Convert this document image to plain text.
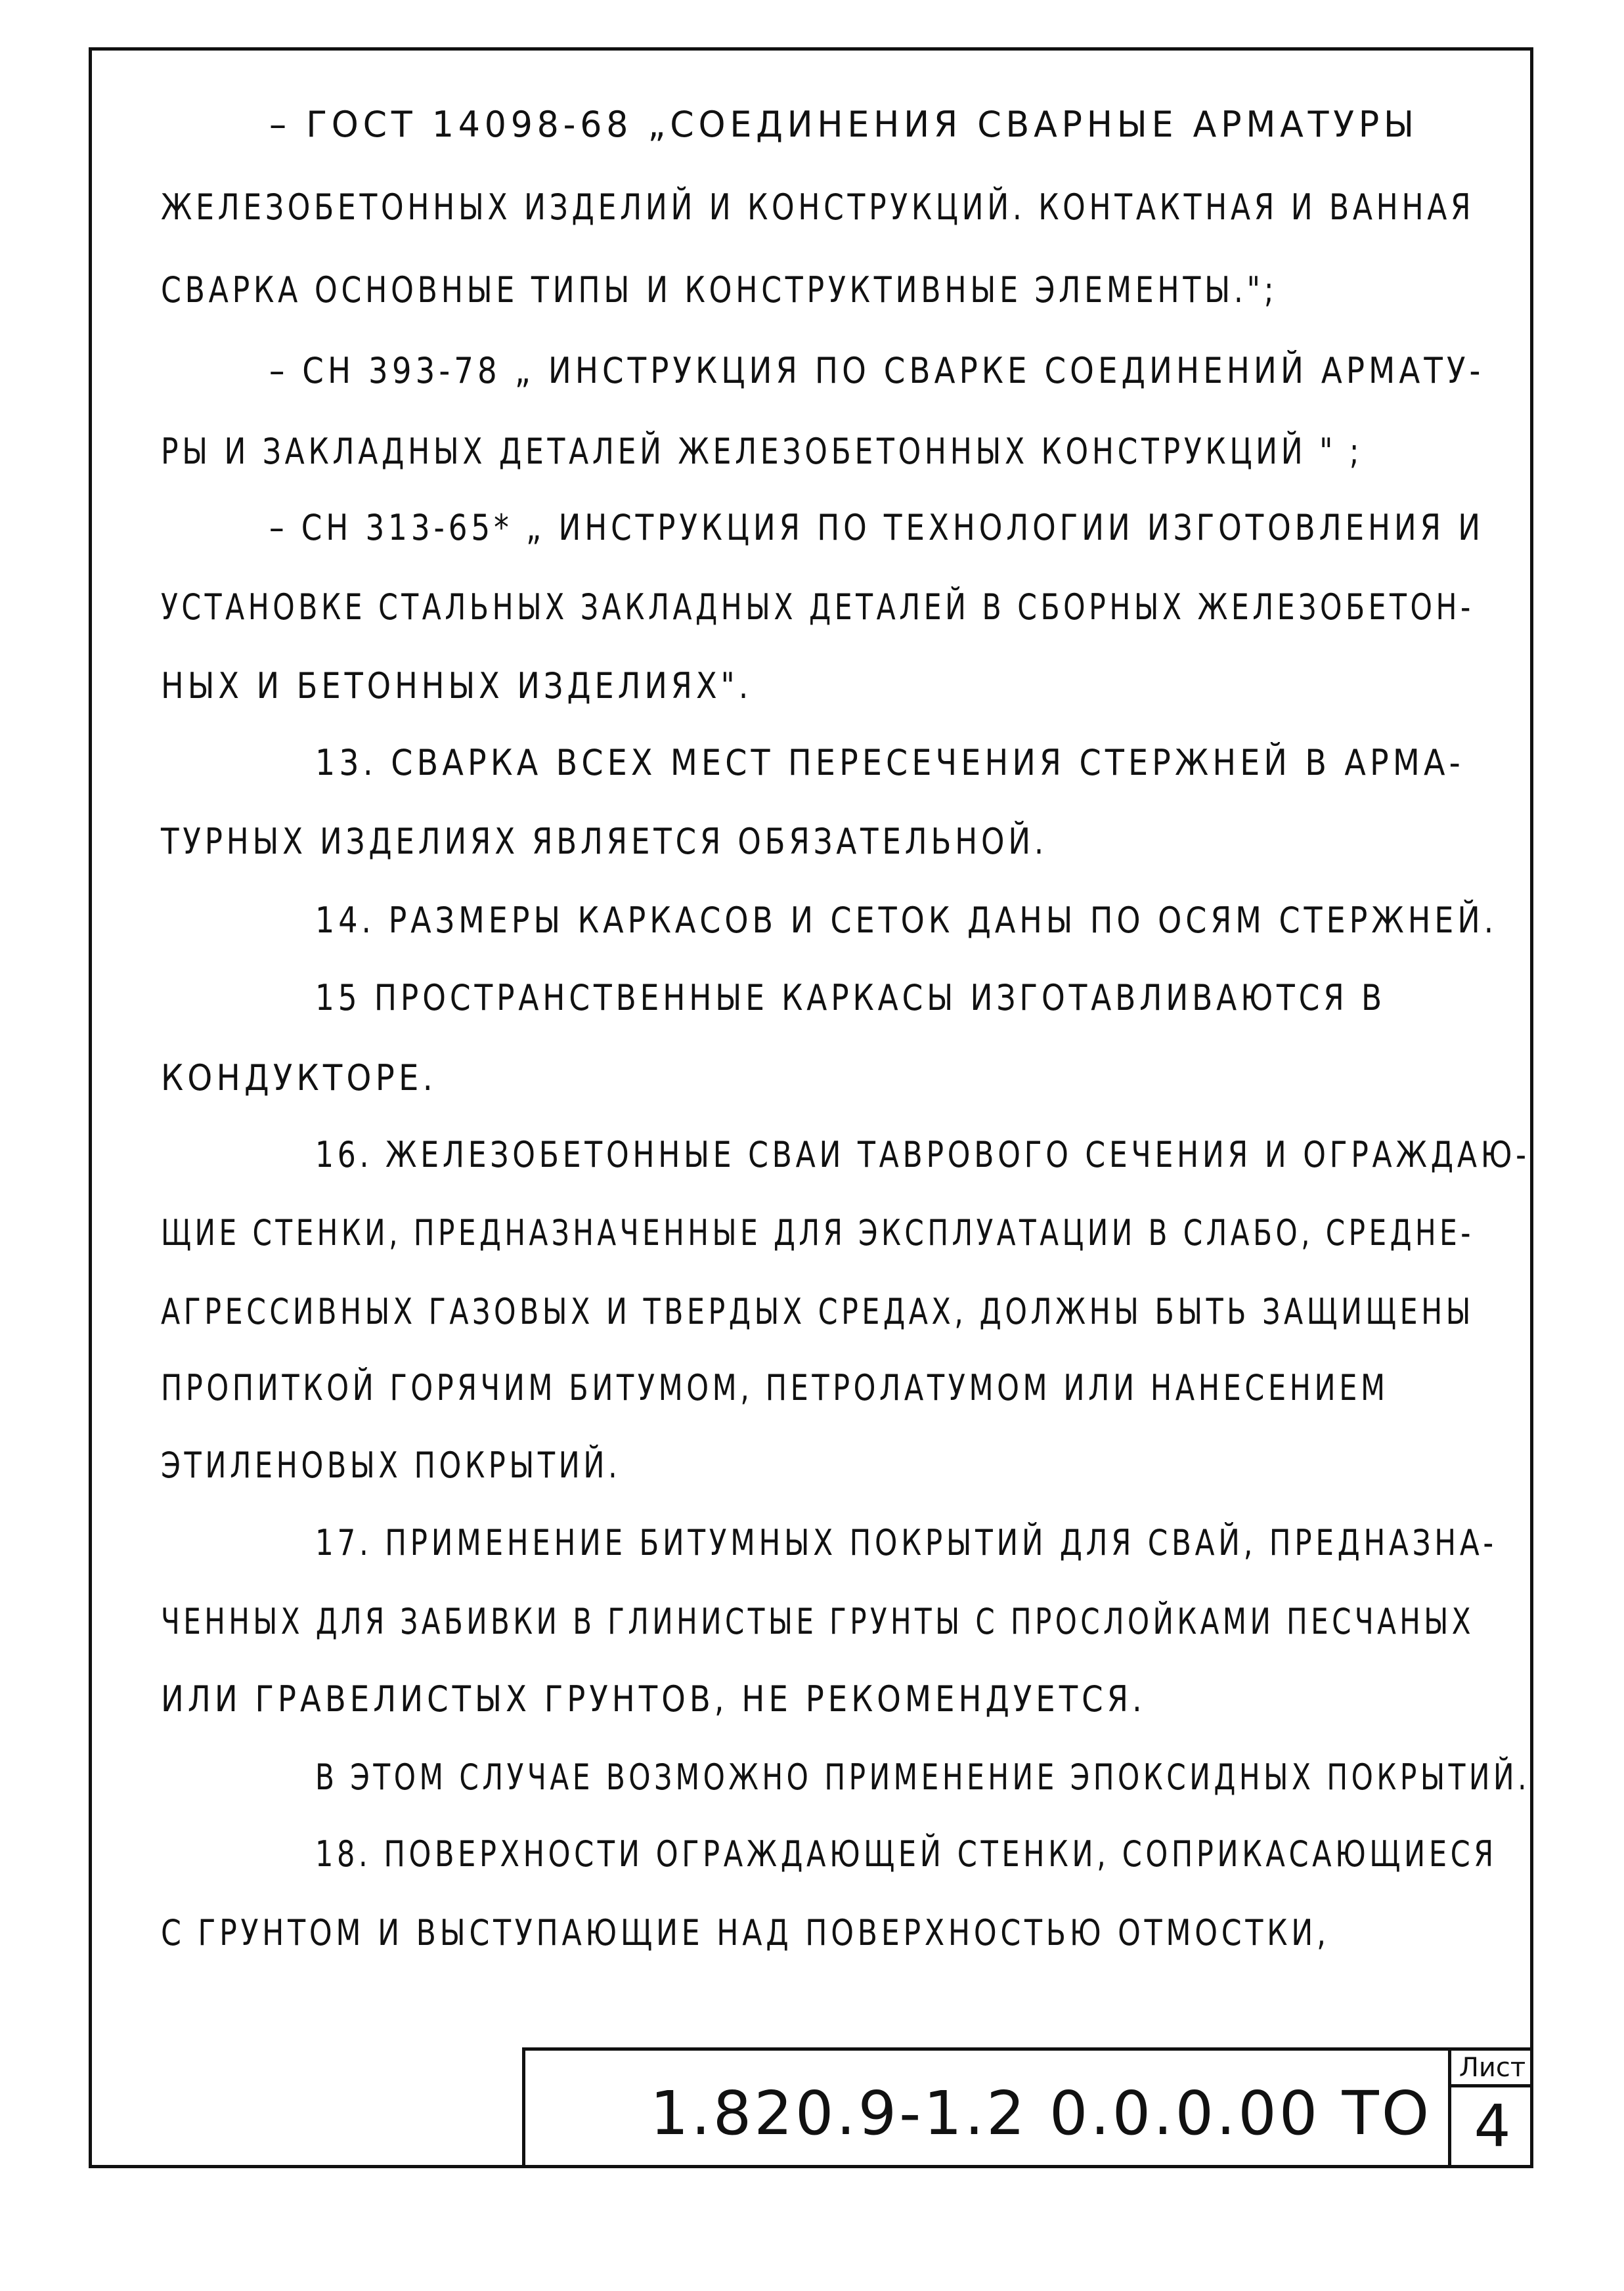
– ГОСТ 14098-68 „СОЕДИНЕНИЯ СВАРНЫЕ АРМАТУРЫ
ЖЕЛЕЗОБЕТОННЫХ ИЗДЕЛИЙ И КОНСТРУКЦИЙ. КОНТАКТНАЯ И ВАННАЯ
СВАРКА ОСНОВНЫЕ ТИПЫ И КОНСТРУКТИВНЫЕ ЭЛЕМЕНТЫ.";
– СН 393-78 „ ИНСТРУКЦИЯ ПО СВАРКЕ СОЕДИНЕНИЙ АРМАТУ-
РЫ И ЗАКЛАДНЫХ ДЕТАЛЕЙ ЖЕЛЕЗОБЕТОННЫХ КОНСТРУКЦИЙ " ;
– СН 313-65* „ ИНСТРУКЦИЯ ПО ТЕХНОЛОГИИ ИЗГОТОВЛЕНИЯ И
УСТАНОВКЕ СТАЛЬНЫХ ЗАКЛАДНЫХ ДЕТАЛЕЙ В СБОРНЫХ ЖЕЛЕЗОБЕТОН-
НЫХ И БЕТОННЫХ ИЗДЕЛИЯХ".
13. СВАРКА ВСЕХ МЕСТ ПЕРЕСЕЧЕНИЯ СТЕРЖНЕЙ В АРМА-
ТУРНЫХ ИЗДЕЛИЯХ ЯВЛЯЕТСЯ ОБЯЗАТЕЛЬНОЙ.
14. РАЗМЕРЫ КАРКАСОВ И СЕТОК ДАНЫ ПО ОСЯМ СТЕРЖНЕЙ.
15 ПРОСТРАНСТВЕННЫЕ КАРКАСЫ ИЗГОТАВЛИВАЮТСЯ В
КОНДУКТОРЕ.
16. ЖЕЛЕЗОБЕТОННЫЕ СВАИ ТАВРОВОГО СЕЧЕНИЯ И ОГРАЖДАЮ-
ЩИЕ СТЕНКИ, ПРЕДНАЗНАЧЕННЫЕ ДЛЯ ЭКСПЛУАТАЦИИ В СЛАБО, СРЕДНЕ-
АГРЕССИВНЫХ ГАЗОВЫХ И ТВЕРДЫХ СРЕДАХ, ДОЛЖНЫ БЫТЬ ЗАЩИЩЕНЫ
ПРОПИТКОЙ ГОРЯЧИМ БИТУМОМ, ПЕТРОЛАТУМОМ ИЛИ НАНЕСЕНИЕМ
ЭТИЛЕНОВЫХ ПОКРЫТИЙ.
17. ПРИМЕНЕНИЕ БИТУМНЫХ ПОКРЫТИЙ ДЛЯ СВАЙ, ПРЕДНАЗНА-
ЧЕННЫХ ДЛЯ ЗАБИВКИ В ГЛИНИСТЫЕ ГРУНТЫ С ПРОСЛОЙКАМИ ПЕСЧАНЫХ
ИЛИ ГРАВЕЛИСТЫХ ГРУНТОВ, НЕ РЕКОМЕНДУЕТСЯ.
В ЭТОМ СЛУЧАЕ ВОЗМОЖНО ПРИМЕНЕНИЕ ЭПОКСИДНЫХ ПОКРЫТИЙ.
18. ПОВЕРХНОСТИ ОГРАЖДАЮЩЕЙ СТЕНКИ, СОПРИКАСАЮЩИЕСЯ
С ГРУНТОМ И ВЫСТУПАЮЩИЕ НАД ПОВЕРХНОСТЬЮ ОТМОСТКИ,
1.820.9-1.2 0.0.0.00 ТО
Лист
4
